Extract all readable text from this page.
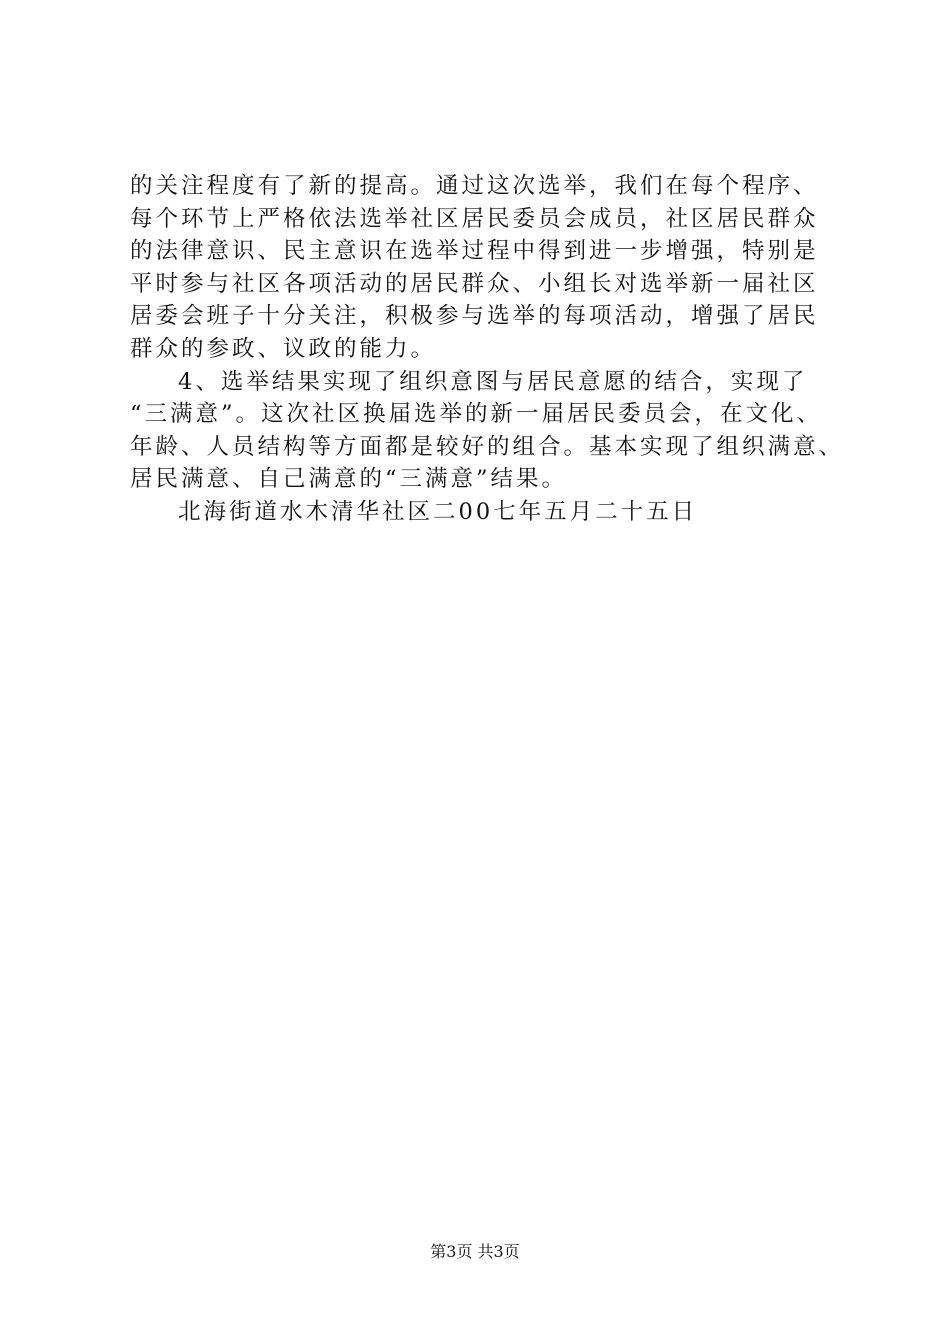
的关注程度有了新的提高。通过这次选举，我们在每个程序、
每个环节上严格依法选举社区居民委员会成员，社区居民群众
的法律意识、民主意识在选举过程中得到进一步增强，特别是
平时参与社区各项活动的居民群众、小组长对选举新一届社区
居委会班子十分关注，积极参与选举的每项活动，增强了居民
群众的参政、议政的能力。
4、选举结果实现了组织意图与居民意愿的结合，实现了
“三满意”。这次社区换届选举的新一届居民委员会，在文化、
年龄、人员结构等方面都是较好的组合。基本实现了组织满意、
居民满意、自己满意的“三满意”结果。
北海街道水木清华社区二00七年五月二十五日
第3页 共3页
